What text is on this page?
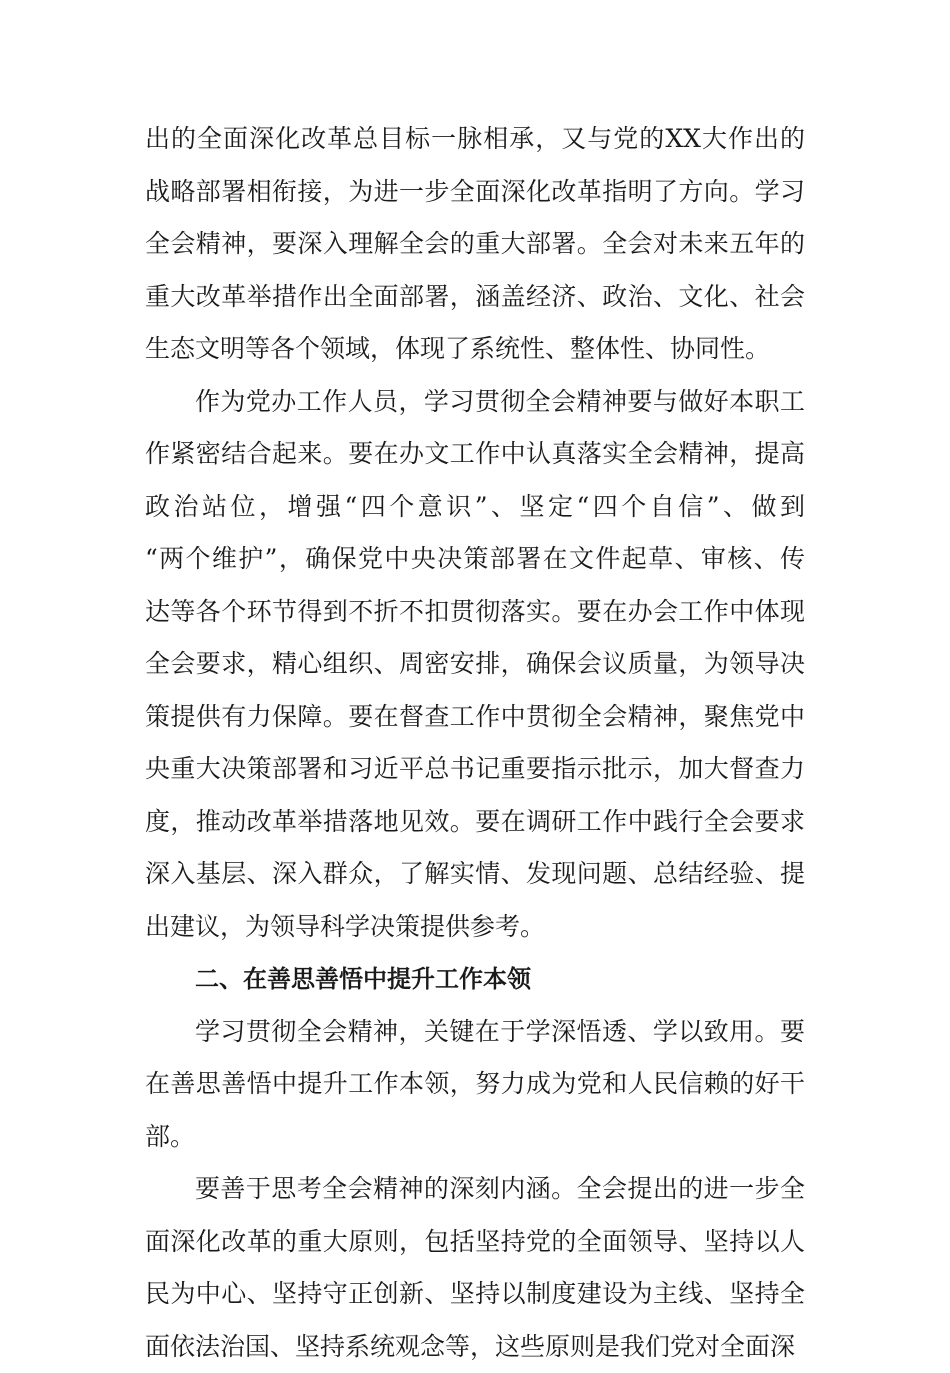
出的全面深化改革总目标一脉相承，又与党的XX大作出的
战略部署相衔接，为进一步全面深化改革指明了方向。学习
全会精神，要深入理解全会的重大部署。全会对未来五年的
重大改革举措作出全面部署，涵盖经济、政治、文化、社会
生态文明等各个领域，体现了系统性、整体性、协同性。
作为党办工作人员，学习贯彻全会精神要与做好本职工
作紧密结合起来。要在办文工作中认真落实全会精神，提高
政治站位，增强“四个意识”、坚定“四个自信”、做到
“两个维护”，确保党中央决策部署在文件起草、审核、传
达等各个环节得到不折不扣贯彻落实。要在办会工作中体现
全会要求，精心组织、周密安排，确保会议质量，为领导决
策提供有力保障。要在督查工作中贯彻全会精神，聚焦党中
央重大决策部署和习近平总书记重要指示批示，加大督查力
度，推动改革举措落地见效。要在调研工作中践行全会要求
深入基层、深入群众，了解实情、发现问题、总结经验、提
出建议，为领导科学决策提供参考。
二、在善思善悟中提升工作本领
学习贯彻全会精神，关键在于学深悟透、学以致用。要
在善思善悟中提升工作本领，努力成为党和人民信赖的好干
部。
要善于思考全会精神的深刻内涵。全会提出的进一步全
面深化改革的重大原则，包括坚持党的全面领导、坚持以人
民为中心、坚持守正创新、坚持以制度建设为主线、坚持全
面依法治国、坚持系统观念等，这些原则是我们党对全面深
